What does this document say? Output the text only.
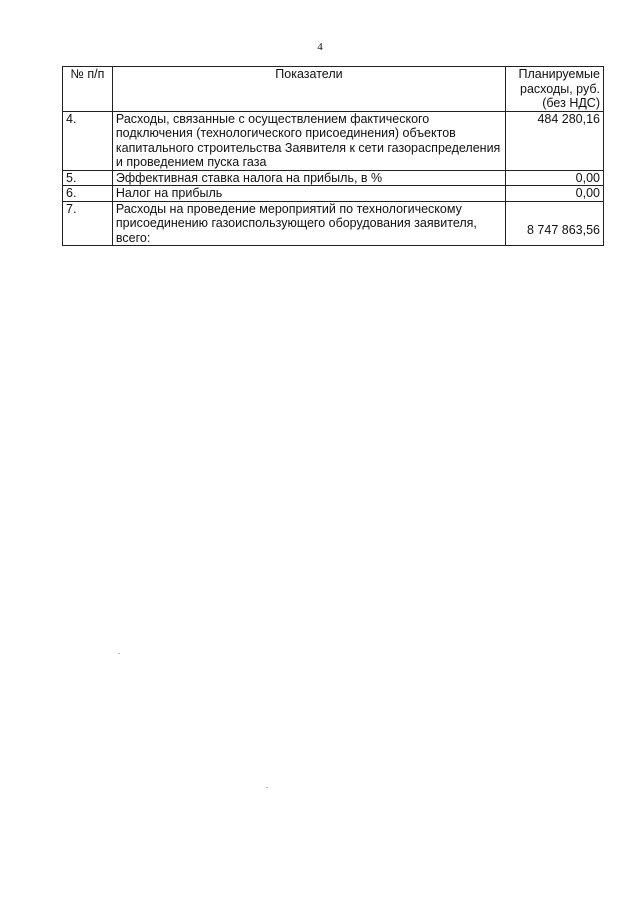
4
№ п/п	Показатели	Планируемые расходы, руб. (без НДС)
4.	Расходы, связанные с осуществлением фактического подключения (технологического присоединения) объектов капитального строительства Заявителя к сети газораспределения и проведением пуска газа	484 280,16
5.	Эффективная ставка налога на прибыль, в %	0,00
6.	Налог на прибыль	0,00
7.	Расходы на проведение мероприятий по технологическому присоединению газоиспользующего оборудования заявителя, всего:	8 747 863,56
